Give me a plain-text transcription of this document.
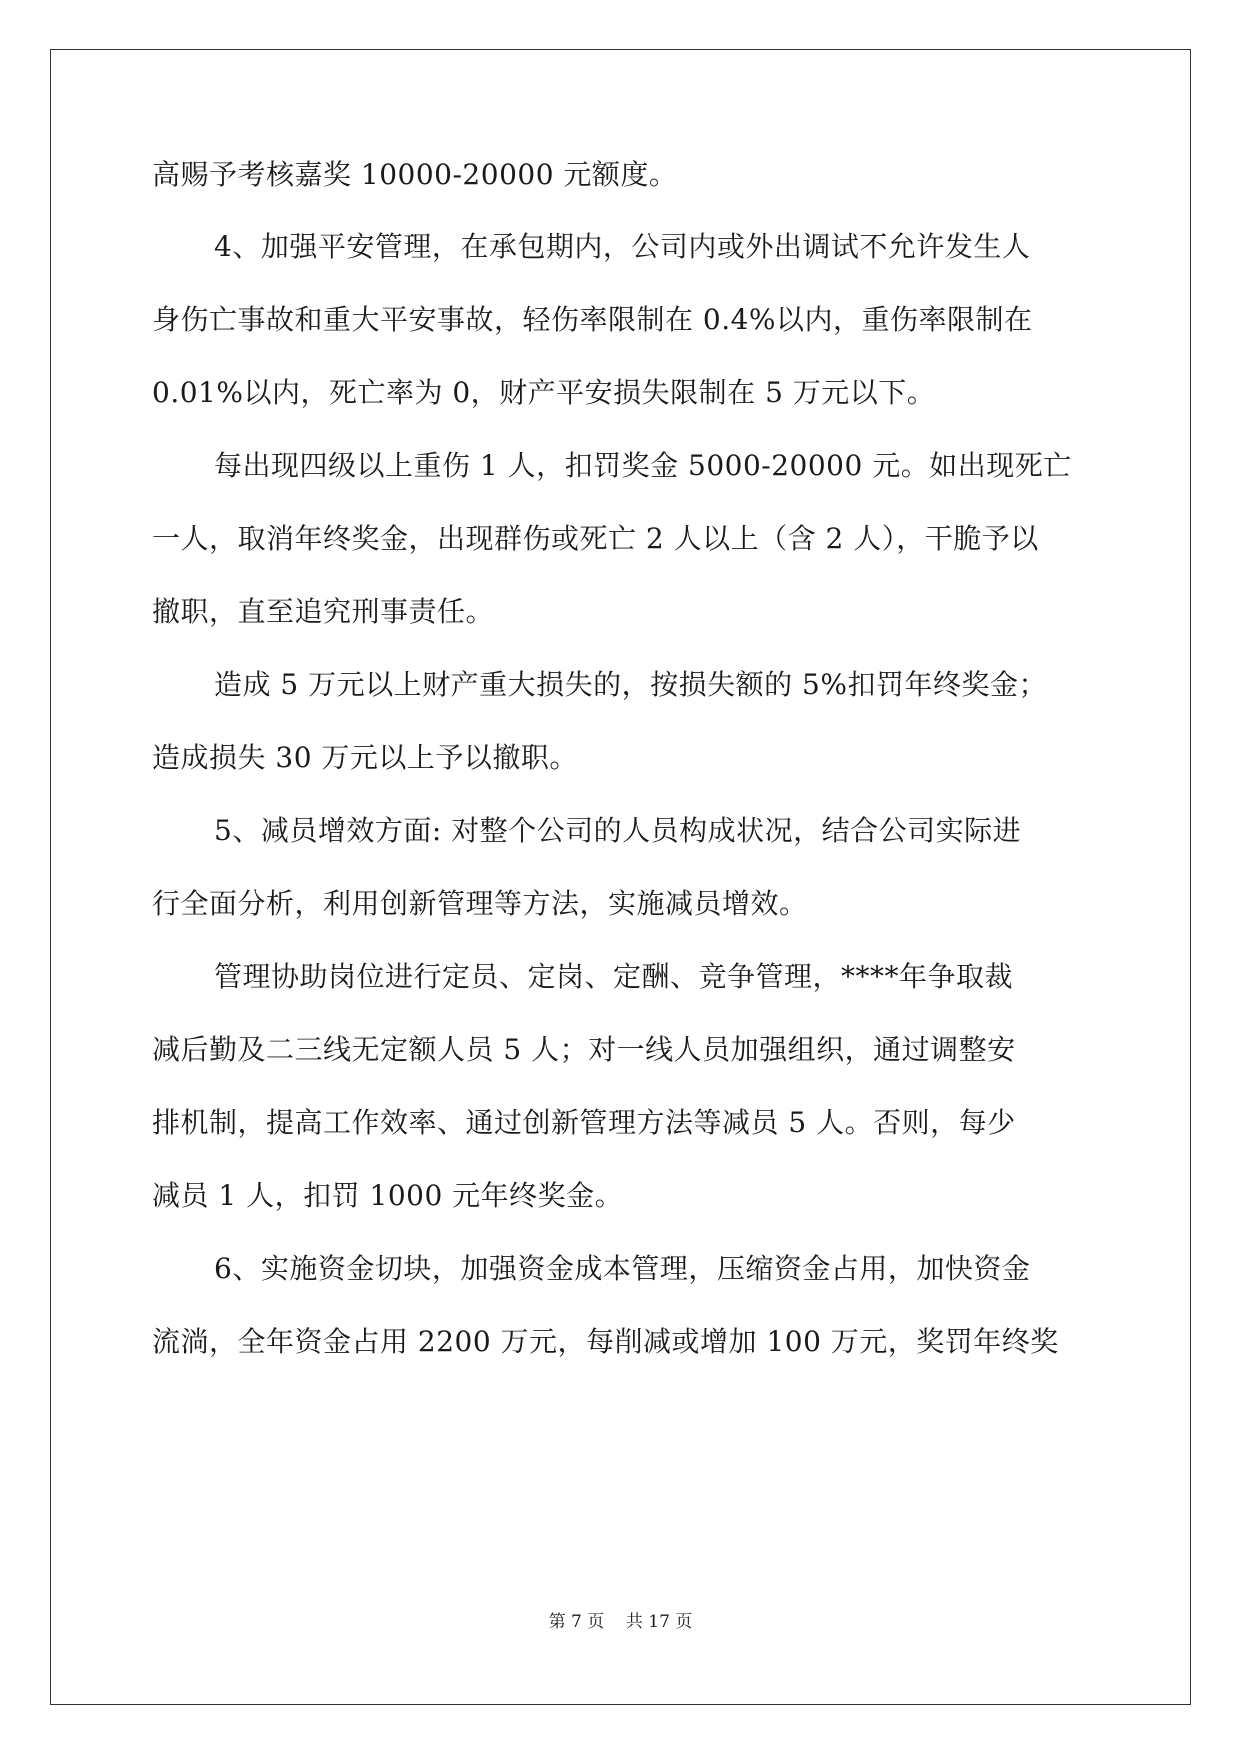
高赐予考核嘉奖 10000-20000 元额度。
4、加强平安管理，在承包期内，公司内或外出调试不允许发生人
身伤亡事故和重大平安事故，轻伤率限制在 0.4%以内，重伤率限制在
0.01%以内，死亡率为 0，财产平安损失限制在 5 万元以下。
每出现四级以上重伤 1 人，扣罚奖金 5000-20000 元。如出现死亡
一人，取消年终奖金，出现群伤或死亡 2 人以上（含 2 人），干脆予以
撤职，直至追究刑事责任。
造成 5 万元以上财产重大损失的，按损失额的 5%扣罚年终奖金；
造成损失 30 万元以上予以撤职。
5、减员增效方面: 对整个公司的人员构成状况，结合公司实际进
行全面分析，利用创新管理等方法，实施减员增效。
管理协助岗位进行定员、定岗、定酬、竞争管理，****年争取裁
减后勤及二三线无定额人员 5 人；对一线人员加强组织，通过调整安
排机制，提高工作效率、通过创新管理方法等减员 5 人。否则，每少
减员 1 人，扣罚 1000 元年终奖金。
6、实施资金切块，加强资金成本管理，压缩资金占用，加快资金
流淌，全年资金占用 2200 万元，每削减或增加 100 万元，奖罚年终奖
第 7 页 共 17 页
